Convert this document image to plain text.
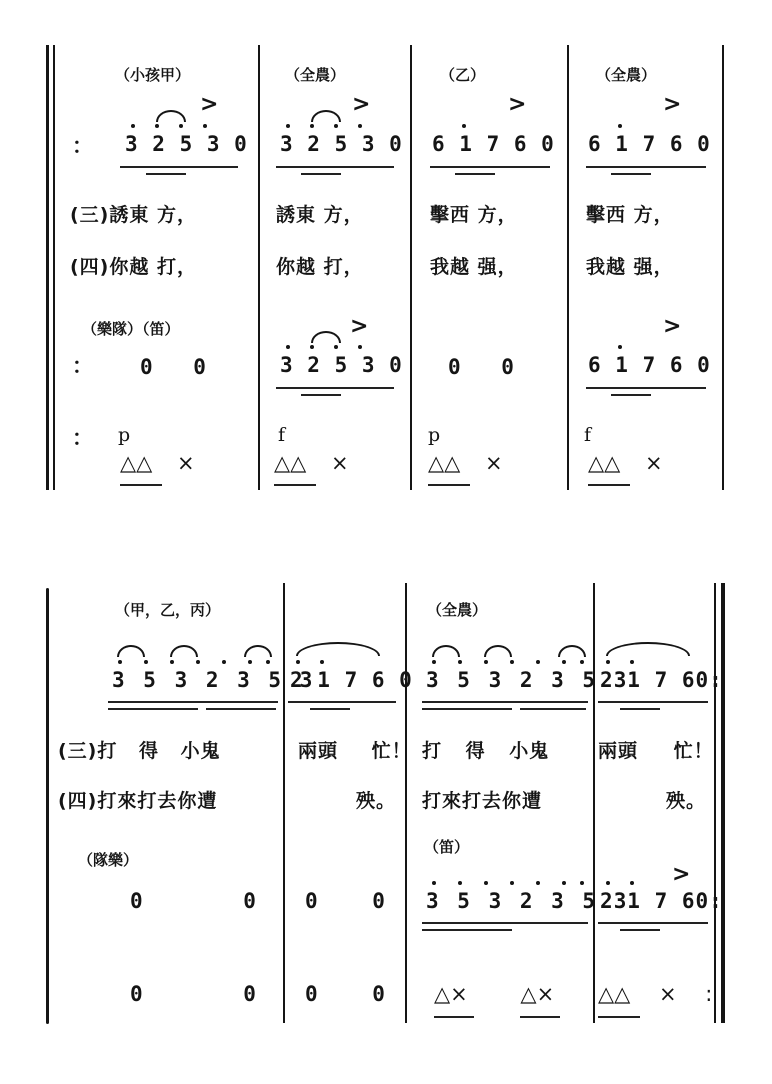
：
：
：
（小孩甲）
>
3 2 5 3 0
(三)誘東 方，
(四)你越 打，
（樂隊）（笛）
0 0
p
△△ ×
（全農）
>
3 2 5 3 0
誘東 方，
你越 打，
>
3 2 5 3 0
f
△△ ×
（乙）
>
6 1 7 6 0
擊西 方，
我越 强，
0 0
p
△△ ×
（全農）
>
6 1 7 6 0
擊西 方，
我越 强，
>
6 1 7 6 0
f
△△ ×
（甲，乙，丙）
3 5 3 2 3 5 3
(三)打 得 小鬼
(四)打來打去你遭
（隊樂）
0 0
0 0
2 1 7 6 0
兩頭 忙！
殃。
0 0
0 0
（全農）
3 5 3 2 3 5 3
打 得 小鬼
打來打去你遭
（笛）
3 5 3 2 3 5 3
△× △×
2 1 7 60:
兩頭 忙！
殃。
>
2 1 7 60:
△△ × :
